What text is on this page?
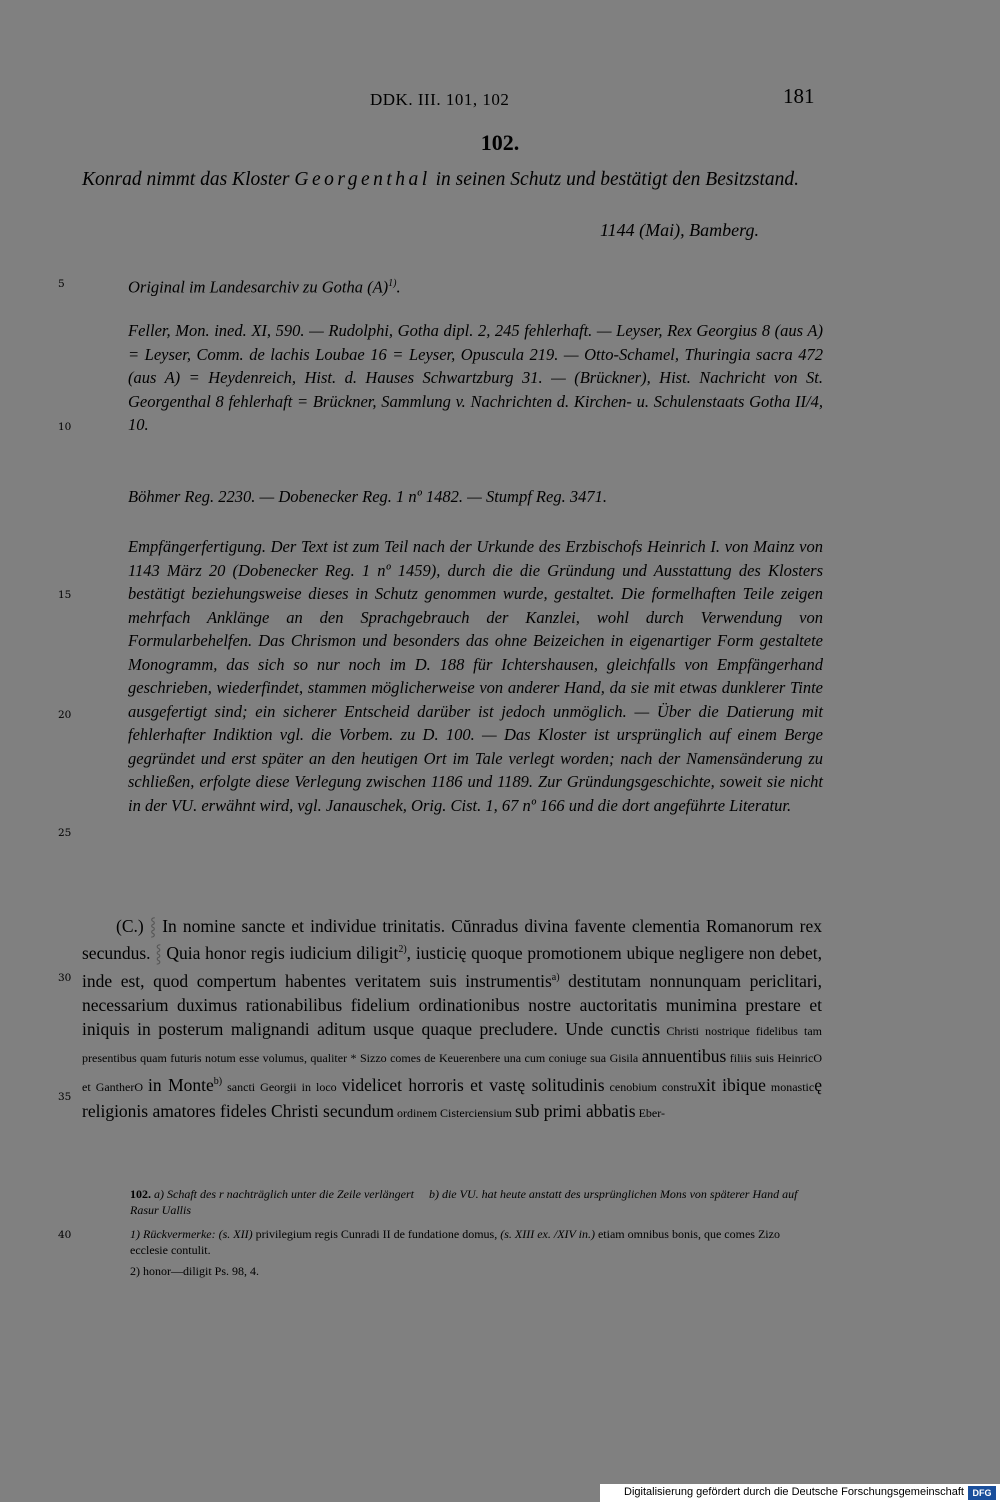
DDK. III. 101, 102	181
102.
Konrad nimmt das Kloster Georgenthal in seinen Schutz und bestätigt den Besitzstand.
1144 (Mai), Bamberg.
5
10
15
20
25
30
35
40
Original im Landesarchiv zu Gotha $(A)^{1)}$.
Feller, Mon. ined. XI, 590. — Rudolphi, Gotha dipl. 2, 245 fehlerhaft. — Leyser, Rex Georgius 8 (aus A) = Leyser, Comm. de lachis Loubae 16 = Leyser, Opuscula 219. — Otto-Schamel, Thuringia sacra 472 (aus A) = Heydenreich, Hist. d. Hauses Schwartzburg 31. — (Brückner), Hist. Nachricht von St. Georgenthal 8 fehlerhaft = Brückner, Sammlung v. Nachrichten d. Kirchen- u. Schulenstaats Gotha II/4, 10.
Böhmer Reg. 2230. — Dobenecker Reg. 1 nº 1482. — Stumpf Reg. 3471.
Empfängerfertigung. Der Text ist zum Teil nach der Urkunde des Erzbischofs Heinrich I. von Mainz von 1143 März 20 (Dobenecker Reg. 1 nº 1459), durch die die Gründung und Ausstattung des Klosters bestätigt beziehungsweise dieses in Schutz genommen wurde, gestaltet. Die formelhaften Teile zeigen mehrfach Anklänge an den Sprachgebrauch der Kanzlei, wohl durch Verwendung von Formularbehelfen. Das Chrismon und besonders das ohne Beizeichen in eigenartiger Form gestaltete Monogramm, das sich so nur noch im D. 188 für Ichtershausen, gleichfalls von Empfängerhand geschrieben, wiederfindet, stammen möglicherweise von anderer Hand, da sie mit etwas dunklerer Tinte ausgefertigt sind; ein sicherer Entscheid darüber ist jedoch unmöglich. — Über die Datierung mit fehlerhafter Indiktion vgl. die Vorbem. zu D. 100. — Das Kloster ist ursprünglich auf einem Berge gegründet und erst später an den heutigen Ort im Tale verlegt worden; nach der Namensänderung zu schließen, erfolgte diese Verlegung zwischen 1186 und 1189. Zur Gründungsgeschichte, soweit sie nicht in der VU. erwähnt wird, vgl. Janauschek, Orig. Cist. 1, 67 nº 166 und die dort angeführte Literatur.
(C.) ⸾ In nomine sancte et individue trinitatis. Cŭnradus divina favente clementia Romanorum rex secundus. ⸾ Quia honor regis iudicium diligit$^{2)}$, iusticię quoque promotionem ubique negligere non debet, inde est, quod compertum habentes veritatem suis instrumentis$^{a)}$ destitutam nonnunquam periclitari, necessarium duximus rationabilibus fidelium ordinationibus nostre auctoritatis munimina prestare et iniquis in posterum malignandi aditum usque quaque precludere. Unde cunctis Christi nostrique fidelibus tam presentibus quam futuris notum esse volumus, qualiter * Sizzo comes de Keuerenbere una cum coniuge sua Gisila annuentibus filiis suis HeinricO et GantherO in Monte$^{b)}$ sancti Georgii in loco videlicet horroris et vastę solitudinis cenobium construxit ibique monasticę religionis amatores fideles Christi secundum ordinem Cisterciensium sub primi abbatis Eber-
102. a) Schaft des r nachträglich unter die Zeile verlängert b) die VU. hat heute anstatt des ursprünglichen Mons von späterer Hand auf Rasur Uallis
1) Rückvermerke: (s. XII) privilegium regis Cunradi II de fundatione domus, (s. XIII ex. /XIV in.) etiam omnibus bonis, que comes Zizo ecclesie contulit.
2) honor—diligit Ps. 98, 4.
Digitalisierung gefördert durch die Deutsche Forschungsgemeinschaft DFG
